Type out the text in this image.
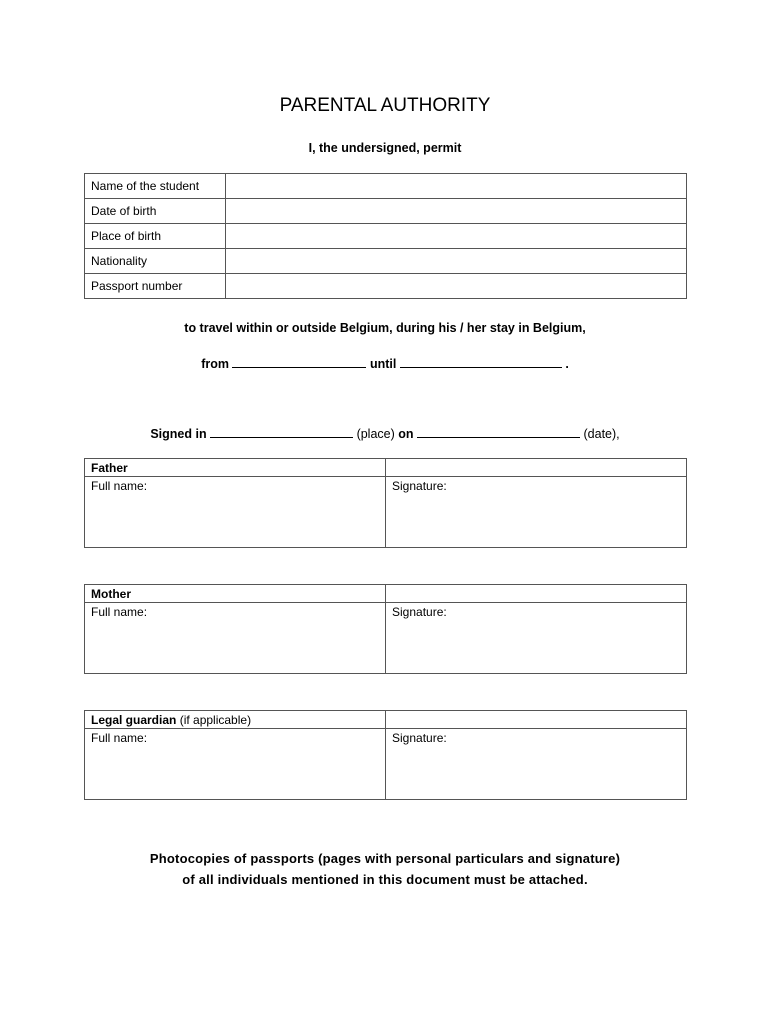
PARENTAL AUTHORITY
I, the undersigned, permit
Name of the student	
Date of birth	
Place of birth	
Nationality	
Passport number	
to travel within or outside Belgium, during his / her stay in Belgium,
from	until	.
Signed in	(place) on	(date),
Father	
Full name:	Signature:
Mother	
Full name:	Signature:
Legal guardian (if applicable)	
Full name:	Signature:
Photocopies of passports (pages with personal particulars and signature)
of all individuals mentioned in this document must be attached.
